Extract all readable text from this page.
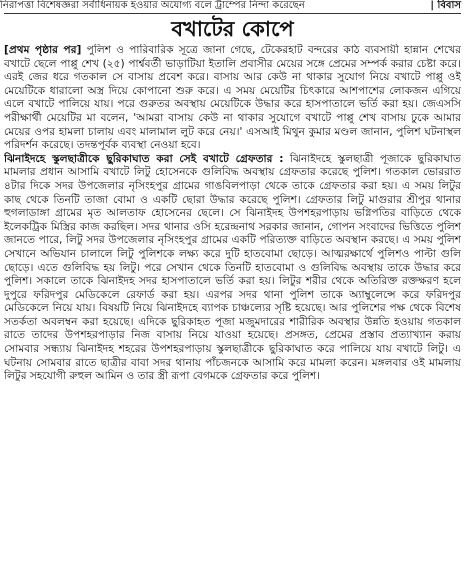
নিরাপত্তা বিশেষজ্ঞরা সর্বাধিনায়ক হওয়ার অযোগ্য বলে ট্রাম্পের নিন্দা করেছেন	| বিবাস
বখাটের কোপে

[প্রথম পৃষ্ঠার পর] পুলিশ ও পারিবারিক সূত্রে জানা গেছে, টেকেরহাট বন্দরের কাঠ ব্যবসায়ী হান্নান শেখের বখাটে ছেলে পাপ্পু শেখ (২৫) পার্শ্ববর্তী ভাড়াটিয়া ইতালি প্রবাসীর মেয়ের সঙ্গে প্রেমের সম্পর্ক করার চেষ্টা করে। এরই জের ধরে গতকাল সে বাসায় প্রবেশ করে। বাসায় আর কেউ না থাকার সুযোগ নিয়ে বখাটে পাপ্পু ওই মেয়েটিকে ধারালো অস্ত্র দিয়ে কোপানো শুরু করে। এ সময় মেয়েটির চিৎকারে আশপাশের লোকজন এগিয়ে এলে বখাটে পালিয়ে যায়। পরে গুরুতর অবস্থায় মেয়েটিকে উদ্ধার করে হাসপাতালে ভর্তি করা হয়। জেএসসি পরীক্ষার্থী মেয়েটির মা বলেন, 'আমরা বাসায় কেউ না থাকার সুযোগে বখাটে পাপ্পু শেখ বাসায় ঢুকে আমার মেয়ের ওপর হামলা চালায় এবং মালামাল লুট করে নেয়।' এসআই মিথুন কুমার মণ্ডল জানান, পুলিশ ঘটনাস্থল পরিদর্শন করেছে। তদন্তপূর্বক ব্যবস্থা নেওয়া হবে।

ঝিনাইদহে স্কুলছাত্রীকে ছুরিকাঘাত করা সেই বখাটে গ্রেফতার : ঝিনাইদহে স্কুলছাত্রী পূজাকে ছুরিকাঘাত মামলার প্রধান আসামি বখাটে লিটু হোসেনকে গুলিবিদ্ধ অবস্থায় গ্রেফতার করেছে পুলিশ। গতকাল ভোররাত ৪টার দিকে সদর উপজেলার নৃসিংহপুর গ্রামের গাঙবিলপাড়া থেকে তাকে গ্রেফতার করা হয়। এ সময় লিটুর কাছ থেকে তিনটি তাজা বোমা ও একটি ছোরা উদ্ধার করেছে পুলিশ। গ্রেফতার লিটু মাগুরার শ্রীপুর থানার হুগলাডাঙ্গা গ্রামের মৃত আলতাফ হোসেনের ছেলে। সে ঝিনাইদহ উপশহরপাড়ায় ভগ্নিপতির বাড়িতে থেকে ইলেকট্রিক মিস্ত্রির কাজ করছিল। সদর থানার ওসি হরেন্দ্রনাথ সরকার জানান, গোপন সংবাদের ভিত্তিতে পুলিশ জানতে পারে, লিটু সদর উপজেলার নৃসিংহপুর গ্রামের একটি পরিত্যক্ত বাড়িতে অবস্থান করছে। এ সময় পুলিশ সেখানে অভিযান চালালে লিটু পুলিশকে লক্ষ্য করে দুটি হাতবোমা ছোড়ে। আত্মরক্ষার্থে পুলিশও পাল্টা গুলি ছোড়ে। এতে গুলিবিদ্ধ হয় লিটু। পরে সেখান থেকে তিনটি হাতবোমা ও গুলিবিদ্ধ অবস্থায় তাকে উদ্ধার করে পুলিশ। সকালে তাকে ঝিনাইদহ সদর হাসপাতালে ভর্তি করা হয়। লিটুর শরীর থেকে অতিরিক্ত রক্তক্ষরণ হলে দুপুরে ফরিদপুর মেডিকেলে রেফার্ড করা হয়। এরপর সদর থানা পুলিশ তাকে অ্যাম্বুলেন্সে করে ফরিদপুর মেডিকেলে নিয়ে যায়। বিষয়টি নিয়ে ঝিনাইদহে ব্যাপক চাঞ্চল্যের সৃষ্টি হয়েছে। আর পুলিশের পক্ষ থেকে বিশেষ সতর্কতা অবলম্বন করা হয়েছে। এদিকে ছুরিকাহত পূজা মজুমদারের শারীরিক অবস্থার উন্নতি হওয়ায় গতকাল রাতে তাদের উপশহরপাড়ার নিজ বাসায় নিয়ে যাওয়া হয়েছে। প্রসঙ্গত, প্রেমের প্রস্তাব প্রত্যাখ্যান করায় সোমবার সন্ধ্যায় ঝিনাইদহ শহরের উপশহরপাড়ায় স্কুলছাত্রীকে ছুরিকাঘাত করে পালিয়ে যায় বখাটে লিটু। এ ঘটনায় সোমবার রাতে ছাত্রীর বাবা সদর থানায় পাঁচজনকে আসামি করে মামলা করেন। মঙ্গলবার ওই মামলায় লিটুর সহযোগী রুহুল আমিন ও তার স্ত্রী রূপা বেগমকে গ্রেফতার করে পুলিশ।
